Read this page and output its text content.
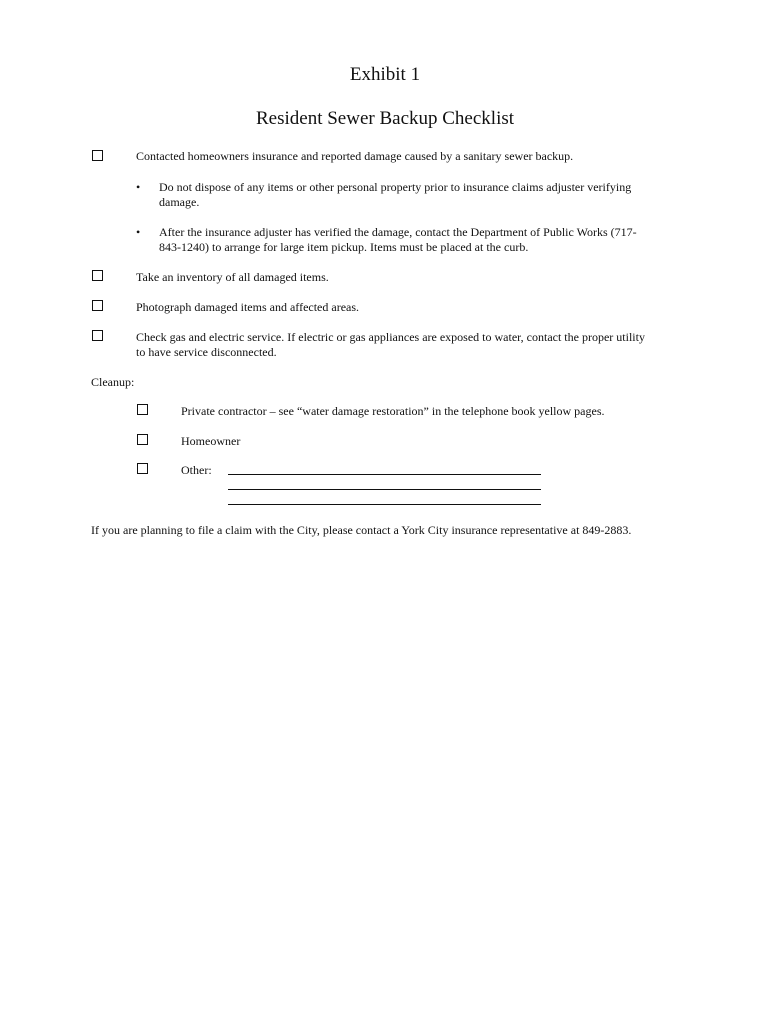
Exhibit 1
Resident Sewer Backup Checklist
Contacted homeowners insurance and reported damage caused by a sanitary sewer backup.
• Do not dispose of any items or other personal property prior to insurance claims adjuster verifying
damage.
• After the insurance adjuster has verified the damage, contact the Department of Public Works (717-
843-1240) to arrange for large item pickup. Items must be placed at the curb.
Take an inventory of all damaged items.
Photograph damaged items and affected areas.
Check gas and electric service. If electric or gas appliances are exposed to water, contact the proper utility
to have service disconnected.
Cleanup:
Private contractor – see “water damage restoration” in the telephone book yellow pages.
Homeowner
Other:
If you are planning to file a claim with the City, please contact a York City insurance representative at 849-2883.
